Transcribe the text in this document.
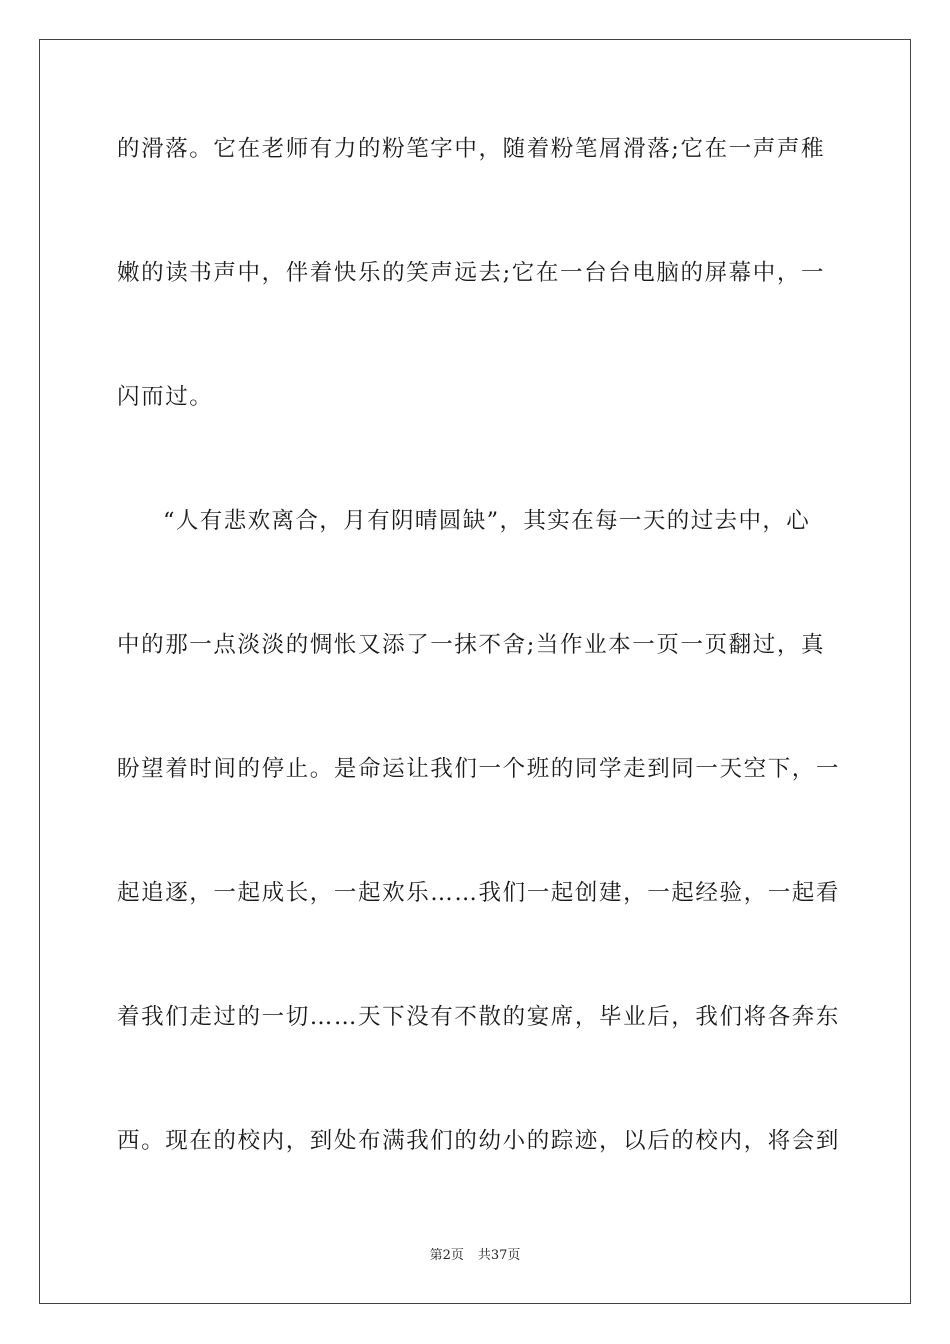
的滑落。它在老师有力的粉笔字中，随着粉笔屑滑落;它在一声声稚
嫩的读书声中，伴着快乐的笑声远去;它在一台台电脑的屏幕中，一
闪而过。
“人有悲欢离合，月有阴晴圆缺”，其实在每一天的过去中，心
中的那一点淡淡的惆怅又添了一抹不舍;当作业本一页一页翻过，真
盼望着时间的停止。是命运让我们一个班的同学走到同一天空下，一
起追逐，一起成长，一起欢乐……我们一起创建，一起经验，一起看
着我们走过的一切……天下没有不散的宴席，毕业后，我们将各奔东
西。现在的校内，到处布满我们的幼小的踪迹，以后的校内，将会到
第2页 共37页
